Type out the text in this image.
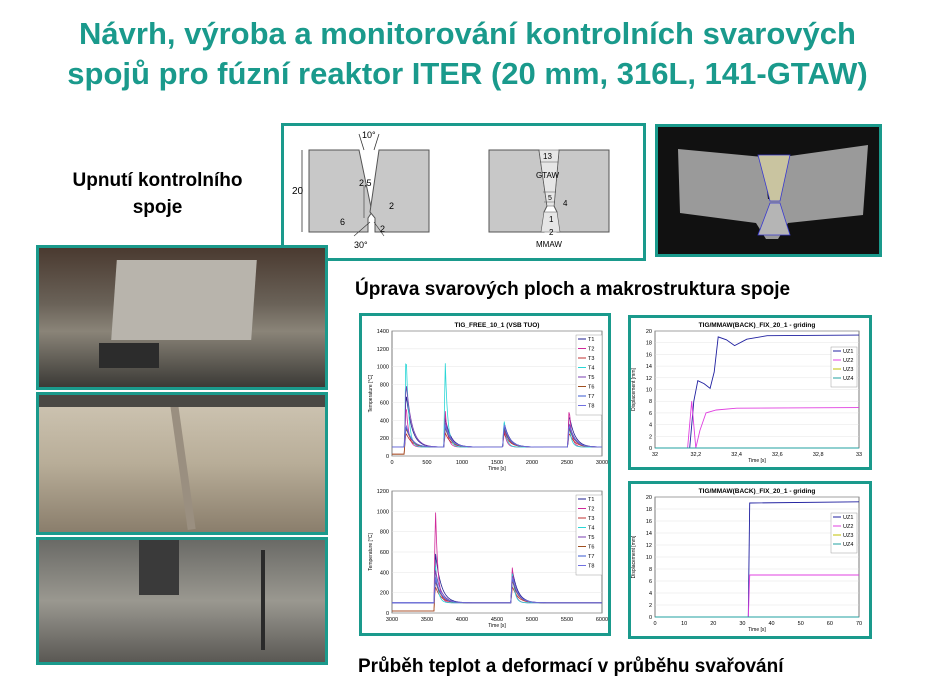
Návrh, výroba a monitorování kontrolních svarových
spojů pro fúzní reaktor ITER (20 mm, 316L, 141-GTAW)
Upnutí kontrolního
spoje
10°
2,5
20
2
6
2
30°
13
GTAW
5
4
1
2
MMAW
Úprava svarových ploch a makrostruktura spoje
0
200
400
600
800
1000
1200
1400
0	500	1000	1500	2000	2500	3000
Time [s]
Temperature [°C]
TIG_FREE_10_1 (VSB TUO)
T1
T2
T3
T4
T5
T6
T7
T8
0
200
400
600
800
1000
1200
3000	3500	4000	4500	5000	5500	6000
Time [s]
Temperature [°C]
T1
T2
T3
T4
T5
T6
T7
T8
0
2
4
6
8
10
12
14
16
18
20
32	32,2	32,4	32,6	32,8	33
Time [s]
Displacement [mm]
TIG/MMAW(BACK)_FIX_20_1 - griding
UZ1
UZ2
UZ3
UZ4
0
2
4
6
8
10
12
14
16
18
20
0	10	20	30	40	50	60	70
Time [s]
Displacement [mm]
TIG/MMAW(BACK)_FIX_20_1 - griding
UZ1
UZ2
UZ3
UZ4
Průběh teplot a deformací v průběhu svařování
